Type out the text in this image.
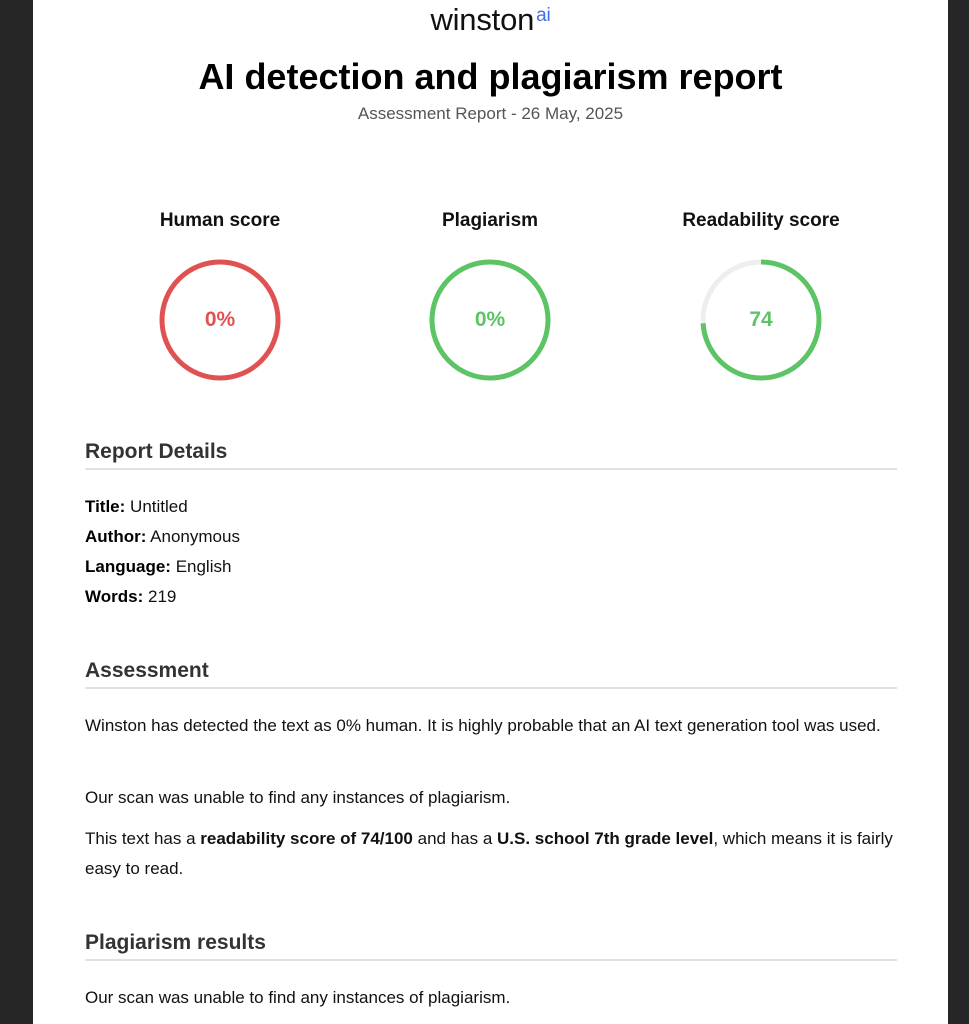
winston $^{ai}$
AI detection and plagiarism report
Assessment Report - 26 May, 2025
Human score
0%
Plagiarism
0%
Readability score
74
Report Details
Title: Untitled
Author: Anonymous
Language: English
Words: 219
Assessment
Winston has detected the text as 0% human. It is highly probable that an AI text generation tool was used.
Our scan was unable to find any instances of plagiarism.
This text has a readability score of 74/100 and has a U.S. school 7th grade level, which means it is fairly easy to read.
Plagiarism results
Our scan was unable to find any instances of plagiarism.
